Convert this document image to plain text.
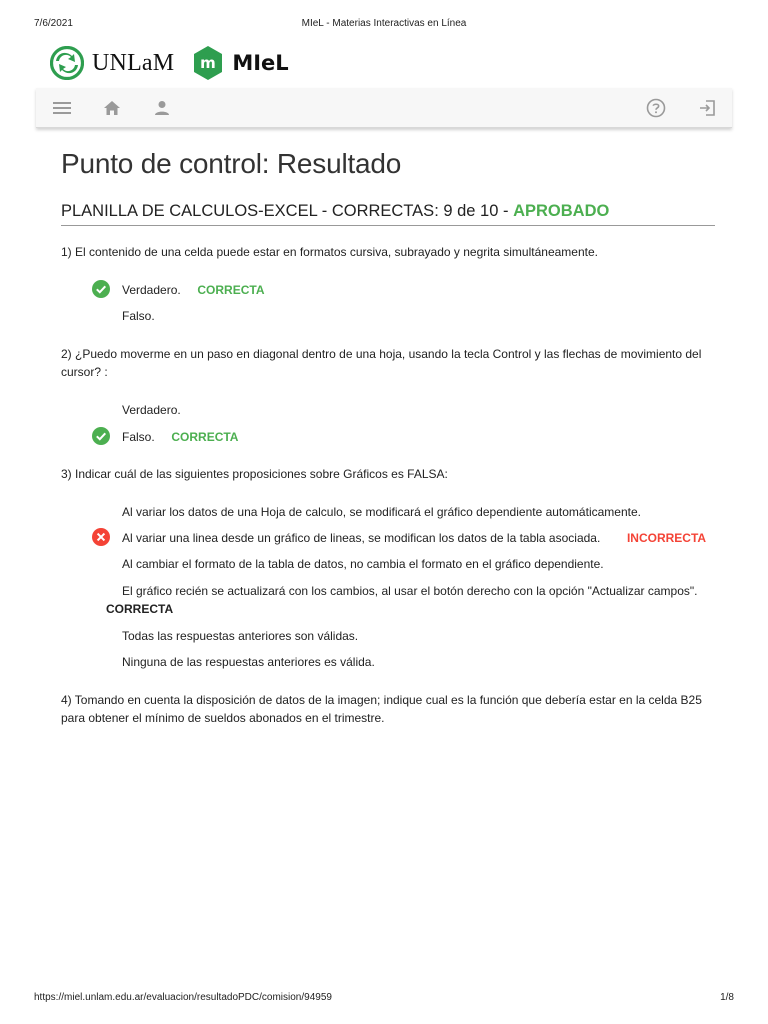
7/6/2021	MIeL - Materias Interactivas en Línea
UNLaM m MIeL
Punto de control: Resultado
PLANILLA DE CALCULOS-EXCEL - CORRECTAS: 9 de 10 - APROBADO
1) El contenido de una celda puede estar en formatos cursiva, subrayado y negrita simultáneamente.
Verdadero. CORRECTA
Falso.
2) ¿Puedo moverme en un paso en diagonal dentro de una hoja, usando la tecla Control y las flechas de movimiento del cursor? :
Verdadero.
Falso. CORRECTA
3) Indicar cuál de las siguientes proposiciones sobre Gráficos es FALSA:
Al variar los datos de una Hoja de calculo, se modificará el gráfico dependiente automáticamente.
Al variar una linea desde un gráfico de lineas, se modifican los datos de la tabla asociada. INCORRECTA
Al cambiar el formato de la tabla de datos, no cambia el formato en el gráfico dependiente.
El gráfico recién se actualizará con los cambios, al usar el botón derecho con la opción "Actualizar campos".
CORRECTA
Todas las respuestas anteriores son válidas.
Ninguna de las respuestas anteriores es válida.
4) Tomando en cuenta la disposición de datos de la imagen; indique cual es la función que debería estar en la celda B25 para obtener el mínimo de sueldos abonados en el trimestre.
https://miel.unlam.edu.ar/evaluacion/resultadoPDC/comision/94959	1/8
